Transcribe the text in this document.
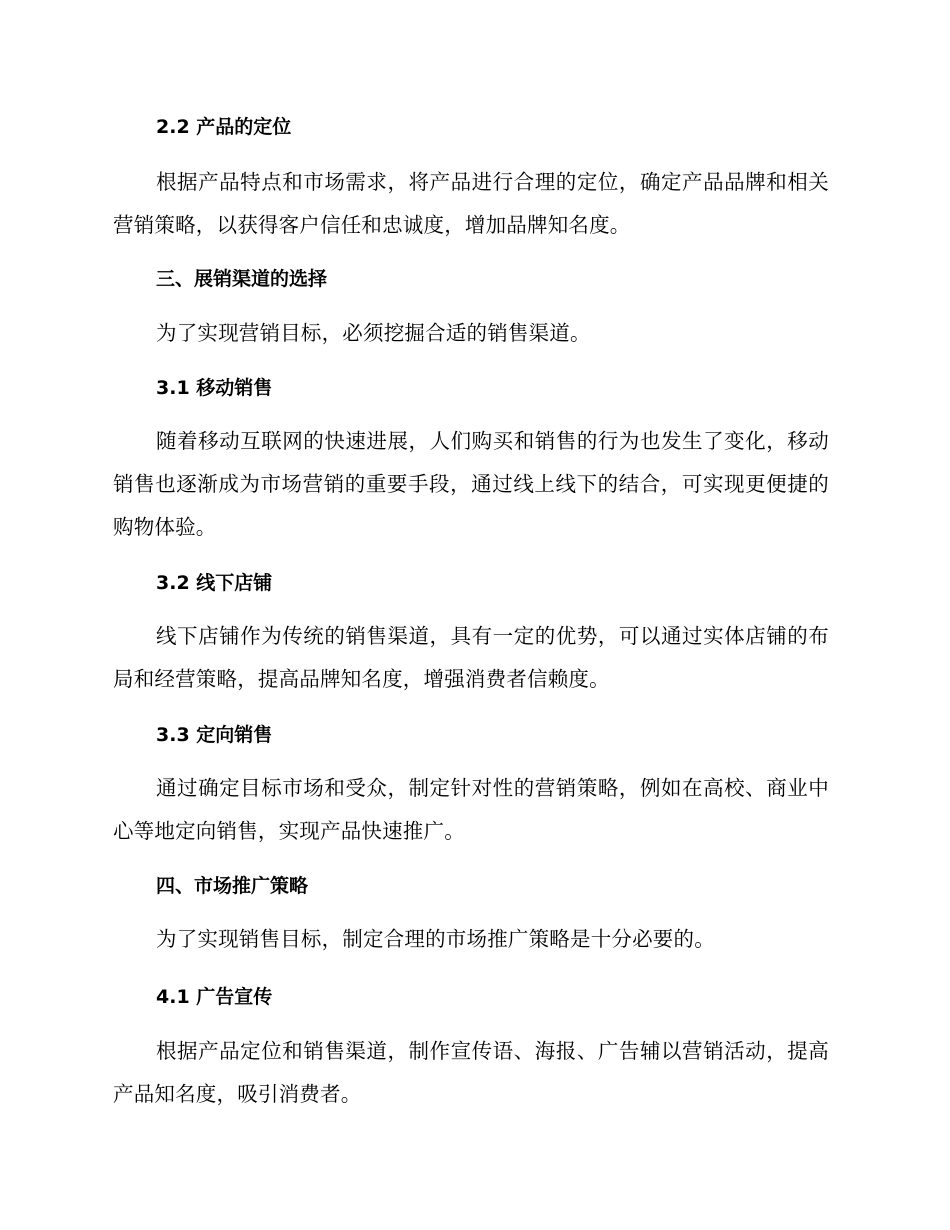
2.2 产品的定位

根据产品特点和市场需求，将产品进行合理的定位，确定产品品牌和相关营销策略，以获得客户信任和忠诚度，增加品牌知名度。

三、展销渠道的选择

为了实现营销目标，必须挖掘合适的销售渠道。

3.1 移动销售

随着移动互联网的快速进展，人们购买和销售的行为也发生了变化，移动销售也逐渐成为市场营销的重要手段，通过线上线下的结合，可实现更便捷的购物体验。

3.2 线下店铺

线下店铺作为传统的销售渠道，具有一定的优势，可以通过实体店铺的布局和经营策略，提高品牌知名度，增强消费者信赖度。

3.3 定向销售

通过确定目标市场和受众，制定针对性的营销策略，例如在高校、商业中心等地定向销售，实现产品快速推广。

四、市场推广策略

为了实现销售目标，制定合理的市场推广策略是十分必要的。

4.1 广告宣传

根据产品定位和销售渠道，制作宣传语、海报、广告辅以营销活动，提高产品知名度，吸引消费者。
